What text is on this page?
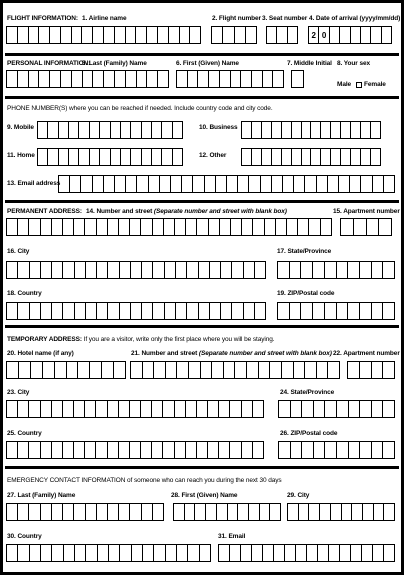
FLIGHT INFORMATION: 1. Airline name	2. Flight number 3. Seat number 4. Date of arrival (yyyy/mm/dd)
2 0
PERSONAL INFORMATION:
5. Last (Family) Name	6. First (Given) Name	7. Middle Initial 8. Your sex
Male Female
PHONE NUMBER(S) where you can be reached if needed. Include country code and city code.
9. Mobile	10. Business
11. Home	12. Other
13. Email address
PERMANENT ADDRESS: 14. Number and street (Separate number and street with blank box)	15. Apartment number
16. City	17. State/Province
18. Country	19. ZIP/Postal code
TEMPORARY ADDRESS: If you are a visitor, write only the first place where you will be staying.
20. Hotel name (if any)	21. Number and street (Separate number and street with blank box) 22. Apartment number
23. City	24. State/Province
25. Country	26. ZIP/Postal code
EMERGENCY CONTACT INFORMATION of someone who can reach you during the next 30 days
27. Last (Family) Name	28. First (Given) Name	29. City
30. Country	31. Email
